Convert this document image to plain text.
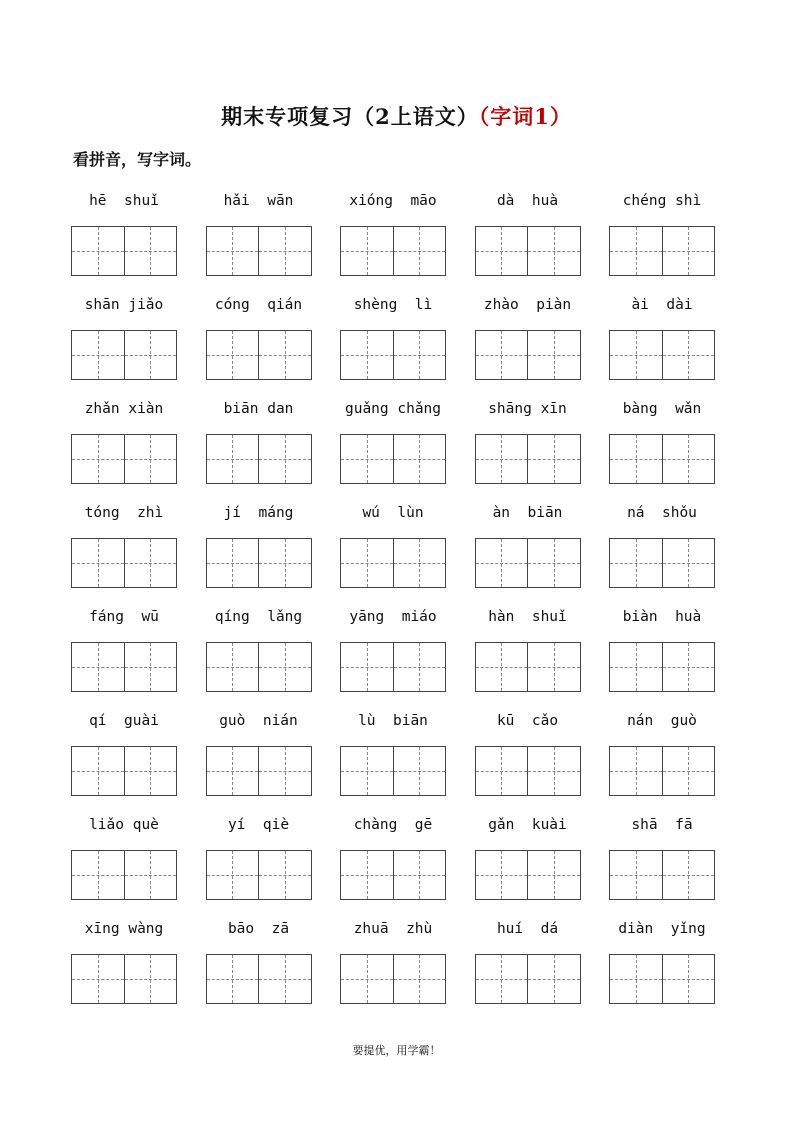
期末专项复习（2上语文）（字词1）
看拼音，写字词。
hē  shuǐ	hǎi  wān	xióng  māo	dà  huà	chéng shì
shān jiǎo	cóng  qián	shèng  lì	zhào  piàn	ài  dài
zhǎn xiàn	biān dan	guǎng chǎng	shāng xīn	bàng  wǎn
tóng  zhì	jí  máng	wú  lùn	àn  biān	ná  shǒu
fáng  wū	qíng  lǎng	yāng  miáo	hàn  shuǐ	biàn  huà
qí  guài	guò  nián	lù  biān	kū  cǎo	nán  guò
liǎo què	yí  qiè	chàng  gē	gǎn  kuài	shā  fā
xīng wàng	bāo  zā	zhuā  zhù	huí  dá	diàn  yǐng
要提优，用学霸！
